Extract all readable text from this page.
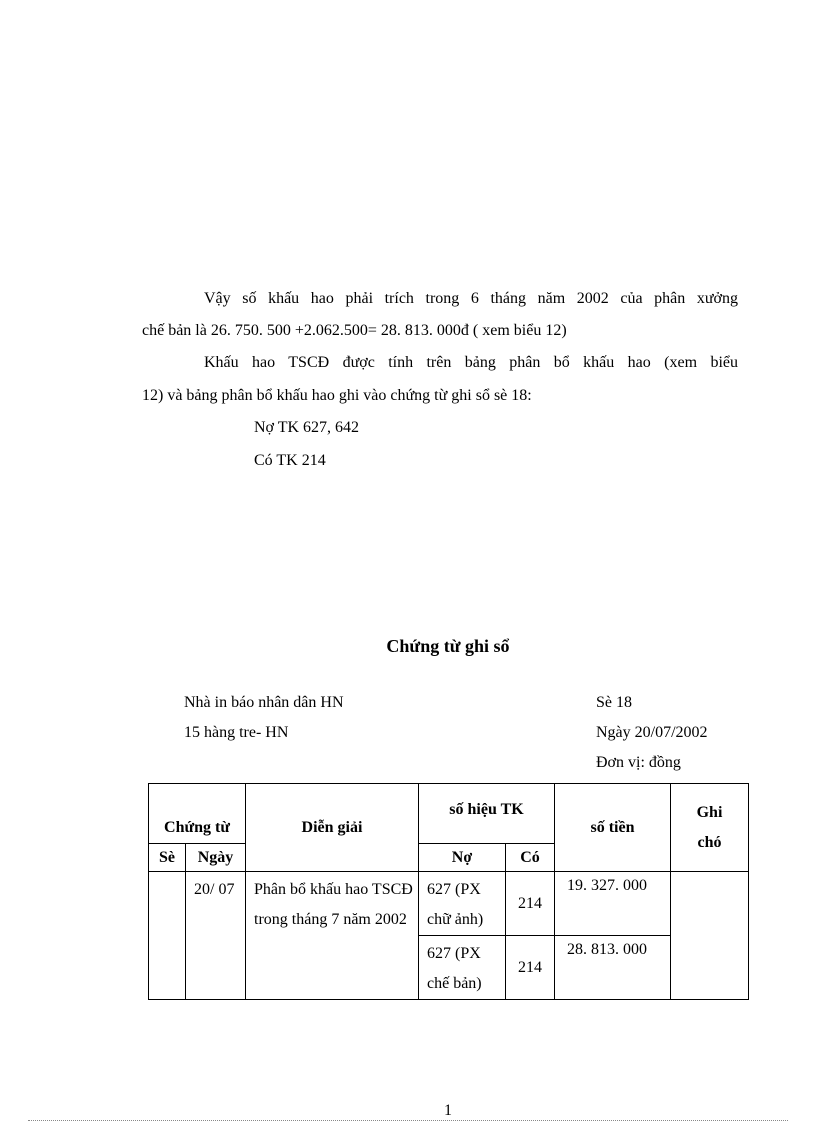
Vậy số khấu hao phải trích trong 6 tháng năm 2002 của phân xưởng

chế bản là 26. 750. 500 +2.062.500= 28. 813. 000đ ( xem biểu 12)

Khấu hao TSCĐ được tính trên bảng phân bổ khấu hao (xem biểu

12) và bảng phân bổ khấu hao ghi vào chứng từ ghi sổ sè 18:

Nợ TK 627, 642

Có TK 214

Chứng từ ghi sổ

Nhà in báo nhân dân HN

15 hàng tre- HN

Sè 18

Ngày 20/07/2002

Đơn vị: đồng

Chứng từ		Diễn giải	số hiệu TK		số tiền	Ghi chó
Sè	Ngày		Nợ	Có		

	20/ 07	Phân bổ khấu hao TSCĐ trong tháng 7 năm 2002	627 (PX chữ ảnh)	214	19. 327. 000	

			627 (PX chế bản)	214	28. 813. 000	
1
